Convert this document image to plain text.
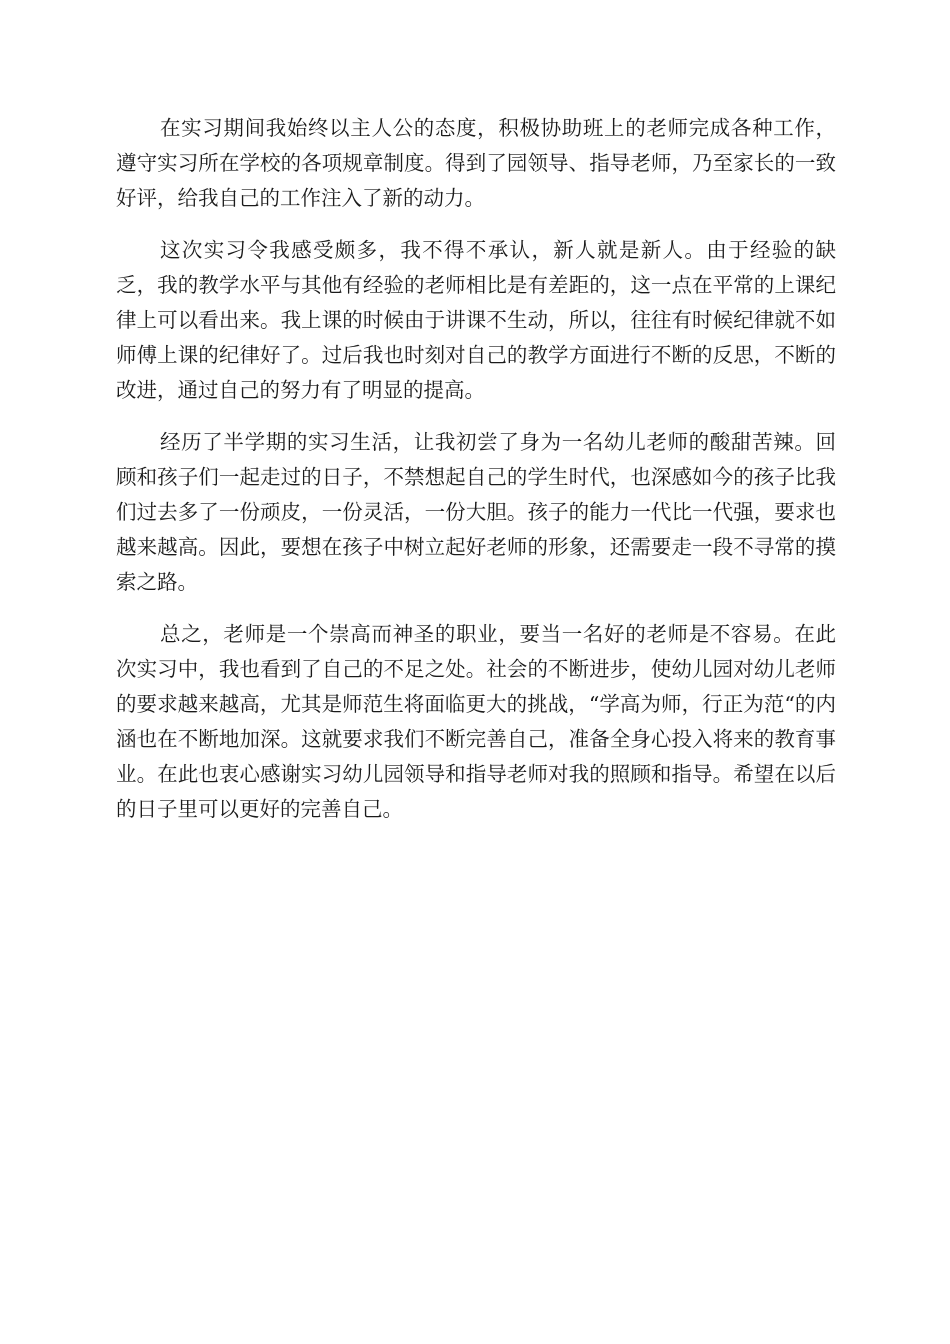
在实习期间我始终以主人公的态度，积极协助班上的老师完成各种工作，遵守实习所在学校的各项规章制度。得到了园领导、指导老师，乃至家长的一致好评，给我自己的工作注入了新的动力。

这次实习令我感受颇多，我不得不承认，新人就是新人。由于经验的缺乏，我的教学水平与其他有经验的老师相比是有差距的，这一点在平常的上课纪律上可以看出来。我上课的时候由于讲课不生动，所以，往往有时候纪律就不如师傅上课的纪律好了。过后我也时刻对自己的教学方面进行不断的反思，不断的改进，通过自己的努力有了明显的提高。

经历了半学期的实习生活，让我初尝了身为一名幼儿老师的酸甜苦辣。回顾和孩子们一起走过的日子，不禁想起自己的学生时代，也深感如今的孩子比我们过去多了一份顽皮，一份灵活，一份大胆。孩子的能力一代比一代强，要求也越来越高。因此，要想在孩子中树立起好老师的形象，还需要走一段不寻常的摸索之路。

总之，老师是一个崇高而神圣的职业，要当一名好的老师是不容易。在此次实习中，我也看到了自己的不足之处。社会的不断进步，使幼儿园对幼儿老师的要求越来越高，尤其是师范生将面临更大的挑战，“学高为师，行正为范“的内涵也在不断地加深。这就要求我们不断完善自己，准备全身心投入将来的教育事业。在此也衷心感谢实习幼儿园领导和指导老师对我的照顾和指导。希望在以后的日子里可以更好的完善自己。
